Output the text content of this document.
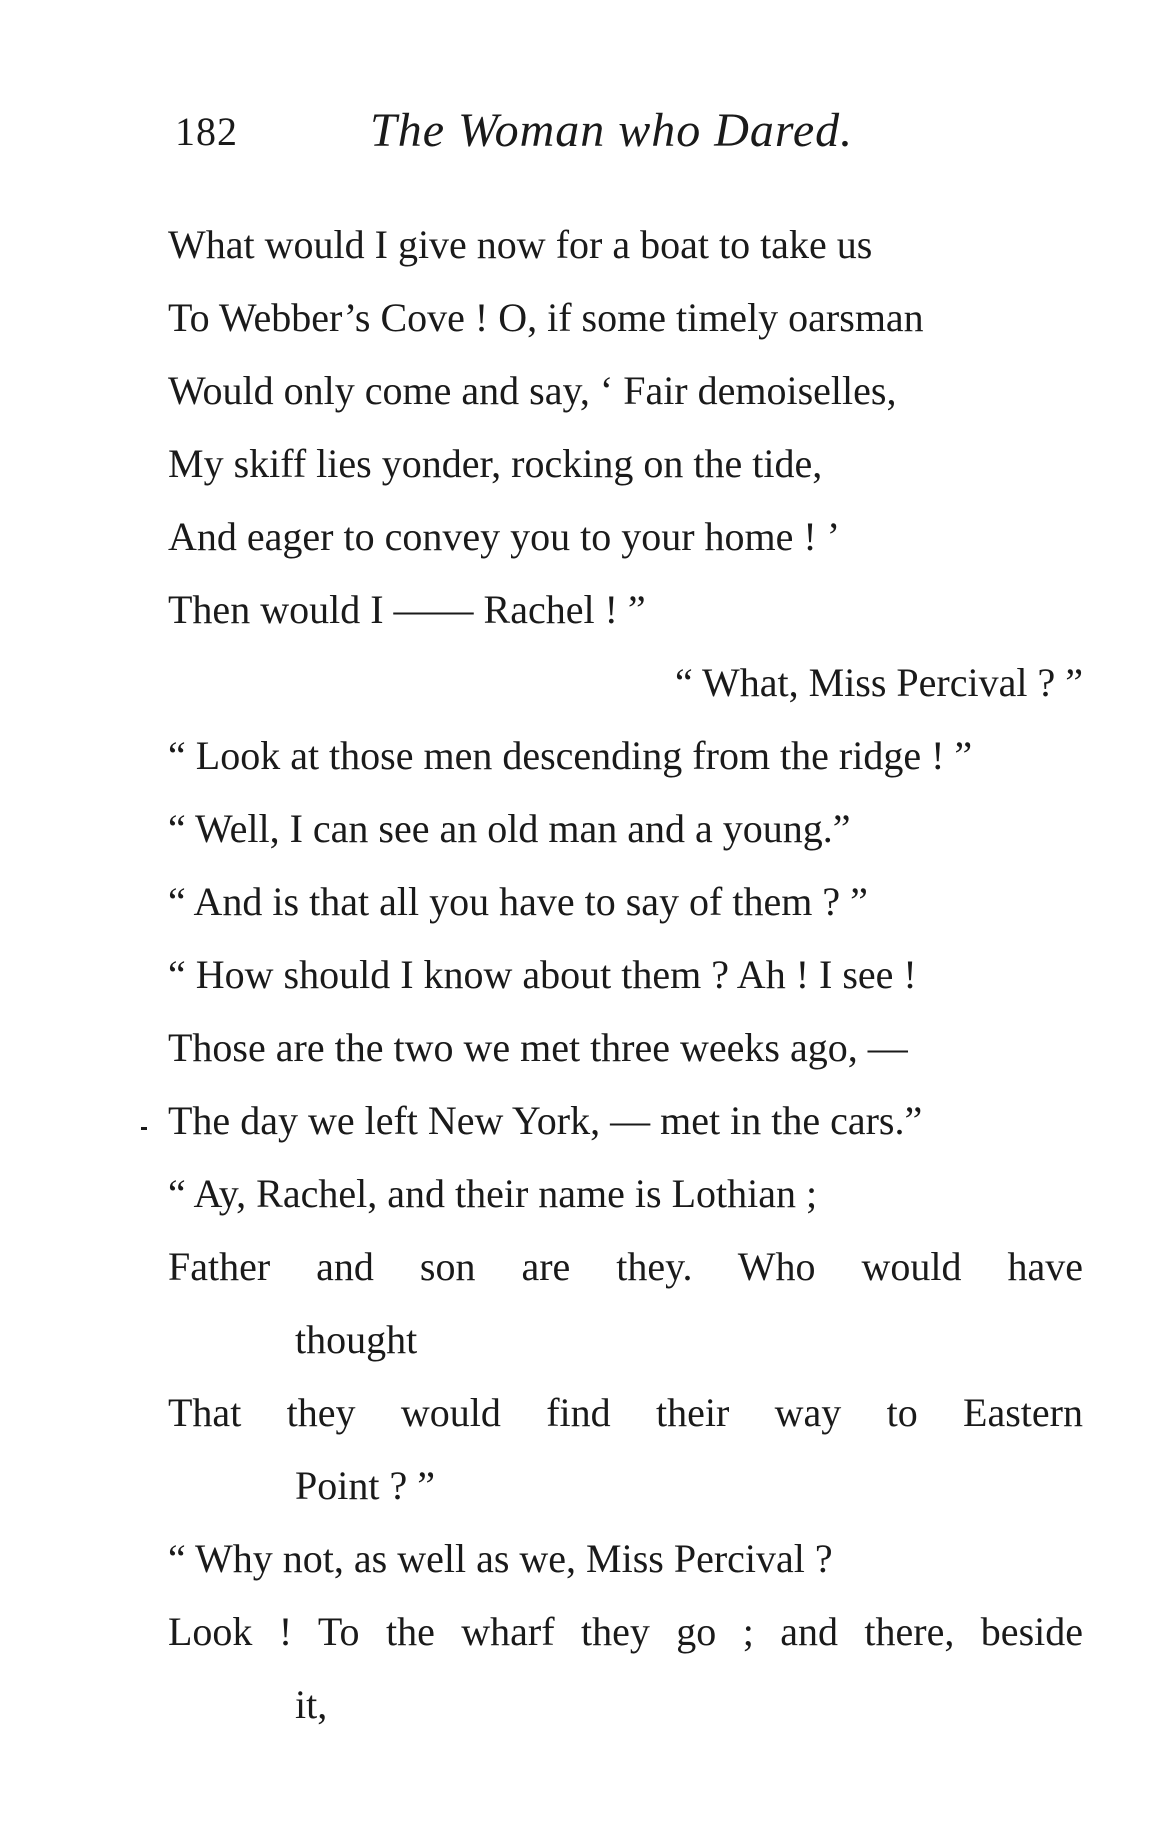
182	The Woman who Dared.
What would I give now for a boat to take us
To Webber’s Cove ! O, if some timely oarsman
Would only come and say, ‘ Fair demoiselles,
My skiff lies yonder, rocking on the tide,
And eager to convey you to your home ! ’
Then would I —— Rachel ! ”
“ What, Miss Percival ? ”
“ Look at those men descending from the ridge ! ”
“ Well, I can see an old man and a young.”
“ And is that all you have to say of them ? ”
“ How should I know about them ? Ah ! I see !
Those are the two we met three weeks ago, —
The day we left New York, — met in the cars.”
“ Ay, Rachel, and their name is Lothian ;
Father and son are they. Who would have
thought
That they would find their way to Eastern
Point ? ”
“ Why not, as well as we, Miss Percival ?
Look ! To the wharf they go ; and there, beside
it,
